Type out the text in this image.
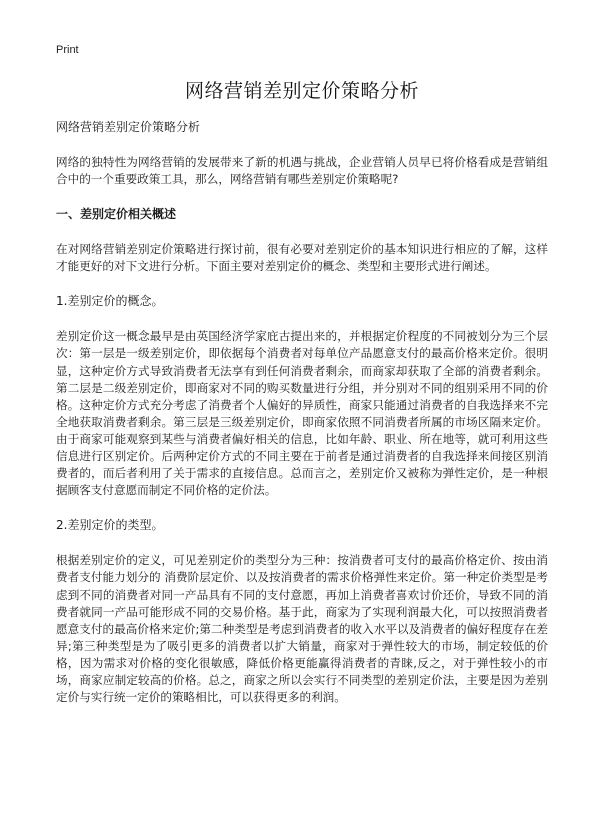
Print
网络营销差别定价策略分析
网络营销差别定价策略分析

网络的独特性为网络营销的发展带来了新的机遇与挑战，企业营销人员早已将价格看成是营销组合中的一个重要政策工具，那么，网络营销有哪些差别定价策略呢?

一、差别定价相关概述

在对网络营销差别定价策略进行探讨前，很有必要对差别定价的基本知识进行相应的了解，这样才能更好的对下文进行分析。下面主要对差别定价的概念、类型和主要形式进行阐述。

1.差别定价的概念。

差别定价这一概念最早是由英国经济学家庇古提出来的，并根据定价程度的不同被划分为三个层次：第一层是一级差别定价，即依据每个消费者对每单位产品愿意支付的最高价格来定价。很明显，这种定价方式导致消费者无法享有到任何消费者剩余，而商家却获取了全部的消费者剩余。第二层是二级差别定价，即商家对不同的购买数量进行分组，并分别对不同的组别采用不同的价格。这种定价方式充分考虑了消费者个人偏好的异质性，商家只能通过消费者的自我选择来不完全地获取消费者剩余。第三层是三级差别定价，即商家依照不同消费者所属的市场区隔来定价。由于商家可能观察到某些与消费者偏好相关的信息，比如年龄、职业、所在地等，就可利用这些信息进行区别定价。后两种定价方式的不同主要在于前者是通过消费者的自我选择来间接区别消费者的，而后者利用了关于需求的直接信息。总而言之，差别定价又被称为弹性定价，是一种根据顾客支付意愿而制定不同价格的定价法。

2.差别定价的类型。

根据差别定价的定义，可见差别定价的类型分为三种：按消费者可支付的最高价格定价、按由消费者支付能力划分的 消费阶层定价、以及按消费者的需求价格弹性来定价。第一种定价类型是考虑到不同的消费者对同一产品具有不同的支付意愿，再加上消费者喜欢讨价还价，导致不同的消费者就同一产品可能形成不同的交易价格。基于此，商家为了实现利润最大化，可以按照消费者愿意支付的最高价格来定价;第二种类型是考虑到消费者的收入水平以及消费者的偏好程度存在差异;第三种类型是为了吸引更多的消费者以扩大销量，商家对于弹性较大的市场，制定较低的价格，因为需求对价格的变化很敏感，降低价格更能赢得消费者的青睐,反之，对于弹性较小的市场，商家应制定较高的价格。总之，商家之所以会实行不同类型的差别定价法，主要是因为差别定价与实行统一定价的策略相比，可以获得更多的利润。
